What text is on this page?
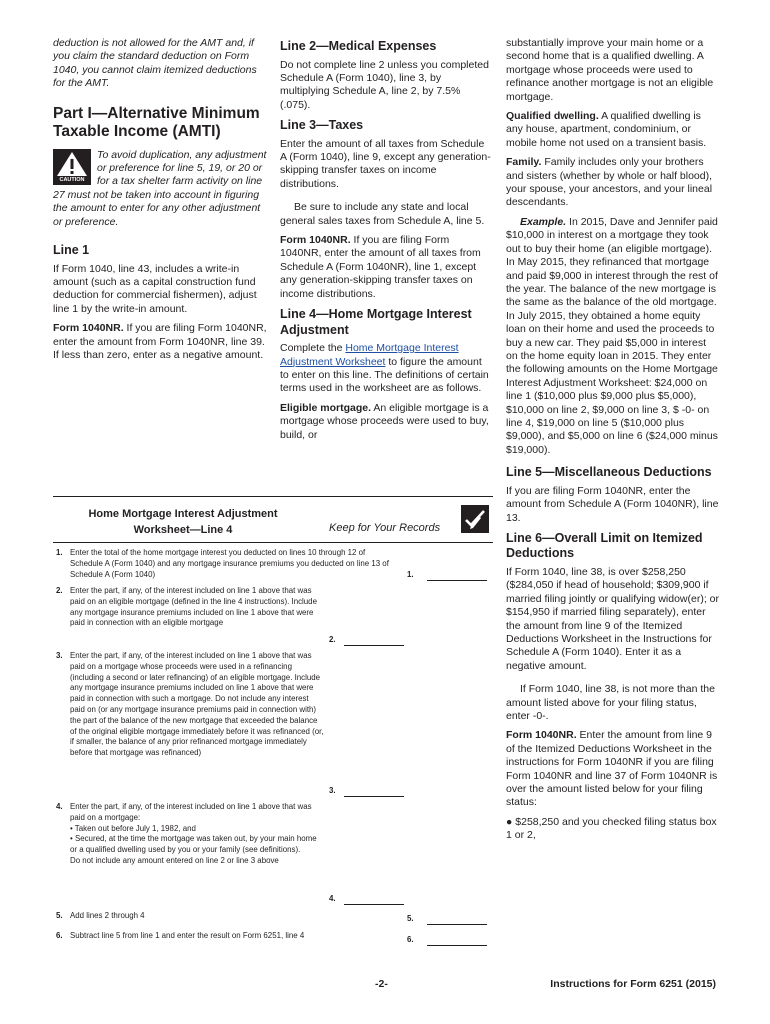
deduction is not allowed for the AMT and, if you claim the standard deduction on Form 1040, you cannot claim itemized deductions for the AMT.

Part I—Alternative Minimum Taxable Income (AMTI)
CAUTION

To avoid duplication, any adjustment or preference for line 5, 19, or 20 or for a tax shelter farm activity on line 27 must not be taken into account in figuring the amount to enter for any other adjustment or preference.

Line 1

If Form 1040, line 43, includes a write-in amount (such as a capital construction fund deduction for commercial fishermen), adjust line 1 by the write-in amount.

Form 1040NR. If you are filing Form 1040NR, enter the amount from Form 1040NR, line 39. If less than zero, enter as a negative amount.

Line 2—Medical Expenses

Do not complete line 2 unless you completed Schedule A (Form 1040), line 3, by multiplying Schedule A, line 2, by 7.5% (.075).

Line 3—Taxes

Enter the amount of all taxes from Schedule A (Form 1040), line 9, except any generation-skipping transfer taxes on income distributions.

Be sure to include any state and local general sales taxes from Schedule A, line 5.

Form 1040NR. If you are filing Form 1040NR, enter the amount of all taxes from Schedule A (Form 1040NR), line 1, except any generation-skipping transfer taxes on income distributions.

Line 4—Home Mortgage Interest Adjustment

Complete the Home Mortgage Interest Adjustment Worksheet to figure the amount to enter on this line. The definitions of certain terms used in the worksheet are as follows.

Eligible mortgage. An eligible mortgage is a mortgage whose proceeds were used to buy, build, or

substantially improve your main home or a second home that is a qualified dwelling. A mortgage whose proceeds were used to refinance another mortgage is not an eligible mortgage.

Qualified dwelling. A qualified dwelling is any house, apartment, condominium, or mobile home not used on a transient basis.

Family. Family includes only your brothers and sisters (whether by whole or half blood), your spouse, your ancestors, and your lineal descendants.

Example. In 2015, Dave and Jennifer paid $10,000 in interest on a mortgage they took out to buy their home (an eligible mortgage). In May 2015, they refinanced that mortgage and paid $9,000 in interest through the rest of the year. The balance of the new mortgage is the same as the balance of the old mortgage. In July 2015, they obtained a home equity loan on their home and used the proceeds to buy a new car. They paid $5,000 in interest on the home equity loan in 2015. They enter the following amounts on the Home Mortgage Interest Adjustment Worksheet: $24,000 on line 1 ($10,000 plus $9,000 plus $5,000), $10,000 on line 2, $9,000 on line 3, $ -0- on line 4, $19,000 on line 5 ($10,000 plus $9,000), and $5,000 on line 6 ($24,000 minus $19,000).

Line 5—Miscellaneous Deductions

If you are filing Form 1040NR, enter the amount from Schedule A (Form 1040NR), line 13.

Line 6—Overall Limit on Itemized Deductions

If Form 1040, line 38, is over $258,250 ($284,050 if head of household; $309,900 if married filing jointly or qualifying widow(er); or $154,950 if married filing separately), enter the amount from line 9 of the Itemized Deductions Worksheet in the Instructions for Schedule A (Form 1040). Enter it as a negative amount.

If Form 1040, line 38, is not more than the amount listed above for your filing status, enter -0-.

Form 1040NR. Enter the amount from line 9 of the Itemized Deductions Worksheet in the instructions for Form 1040NR if you are filing Form 1040NR and line 37 of Form 1040NR is over the amount listed below for your filing status:

● $258,250 and you checked filing status box 1 or 2,

Home Mortgage Interest Adjustment
Worksheet—Line 4	Keep for Your Records
1. Enter the total of the home mortgage interest you deducted on lines 10 through 12 of Schedule A (Form 1040) and any mortgage insurance premiums you deducted on line 13 of Schedule A (Form 1040)	1.
2. Enter the part, if any, of the interest included on line 1 above that was paid on an eligible mortgage (defined in the line 4 instructions). Include any mortgage insurance premiums included on line 1 above that were paid in connection with an eligible mortgage
2.
3. Enter the part, if any, of the interest included on line 1 above that was paid on a mortgage whose proceeds were used in a refinancing (including a second or later refinancing) of an eligible mortgage. Include any mortgage insurance premiums included on line 1 above that were paid in connection with such a mortgage. Do not include any interest paid on (or any mortgage insurance premiums paid in connection with) the part of the balance of the new mortgage that exceeded the balance of the original eligible mortgage immediately before it was refinanced (or, if smaller, the balance of any prior refinanced mortgage immediately before that mortgage was refinanced)
3.
4. Enter the part, if any, of the interest included on line 1 above that was paid on a mortgage:
• Taken out before July 1, 1982, and
• Secured, at the time the mortgage was taken out, by your main home or a qualified dwelling used by you or your family (see definitions).
Do not include any amount entered on line 2 or line 3 above
4.
5. Add lines 2 through 4	5.
6. Subtract line 5 from line 1 and enter the result on Form 6251, line 4	6.
-2-	Instructions for Form 6251 (2015)
